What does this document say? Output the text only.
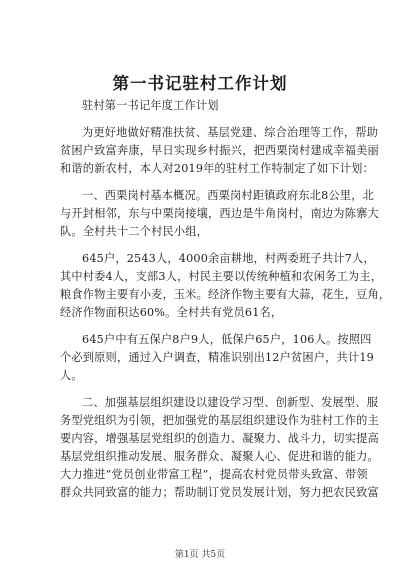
第一书记驻村工作计划
驻村第一书记年度工作计划
为更好地做好精准扶贫、基层党建、综合治理等工作，帮助
贫困户致富奔康，早日实现乡村振兴，把西栗岗村建成幸福美丽
和谐的新农村，本人对2019年的驻村工作特制定了如下计划：
一、西栗岗村基本概况。西栗岗村距镇政府东北8公里，北
与开封相邻，东与中栗岗接壤，西边是牛角岗村，南边为陈寨大
队。全村共十二个村民小组，
645户，2543人，4000余亩耕地，村两委班子共计7人，
其中村委4人，支部3人，村民主要以传统种植和农闲务工为主，
粮食作物主要有小麦，玉米。经济作物主要有大蒜，花生，豆角，
经济作物面积达60%。全村共有党员61名，
645户中有五保户8户9人，低保户65户，106人。按照四
个必到原则，通过入户调查，精准识别出12户贫困户，共计19
人。
二、加强基层组织建设以建设学习型、创新型、发展型、服
务型党组织为引领，把加强党的基层组织建设作为驻村工作的主
要内容，增强基层党组织的创造力、凝聚力、战斗力，切实提高
基层党组织推动发展、服务群众、凝聚人心、促进和谐的能力。
大力推进“党员创业带富工程”，提高农村党员带头致富、带领
群众共同致富的能力；帮助制订党员发展计划，努力把农民致富
第1页 共5页
